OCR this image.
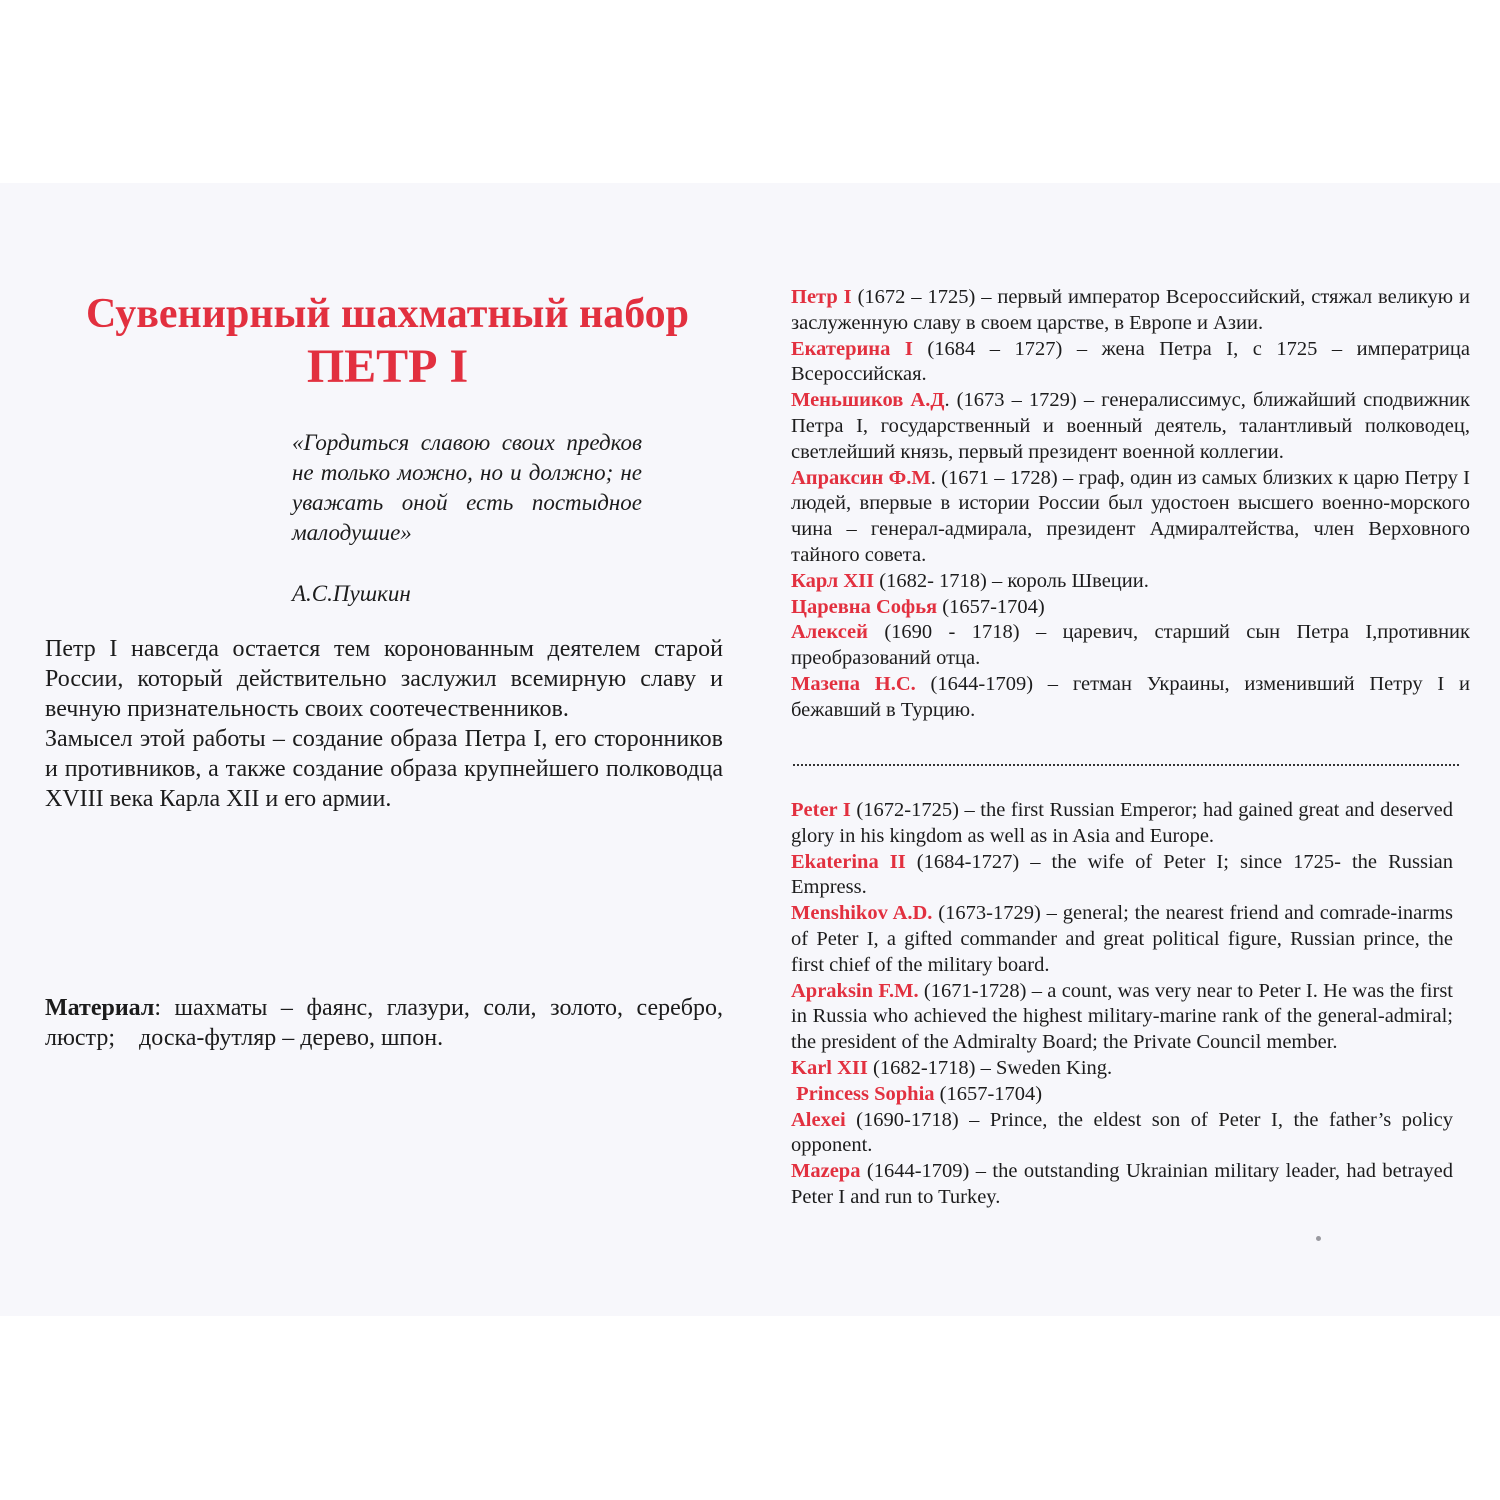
Сувенирный шахматный набор
ПЕТР I
«Гордиться славою своих предков не только можно, но и должно; не уважать оной есть постыдное малодушие»
А.С.Пушкин

Петр I навсегда остается тем коронованным деятелем старой России, который действительно заслужил всемирную славу и вечную признательность своих соотечественников.

Замысел этой работы – создание образа Петра I, его сторонников и противников, а также создание образа крупнейшего полководца XVIII века Карла XII и его армии.

Материал: шахматы – фаянс, глазури, соли, золото, серебро, люстр;    доска-футляр – дерево, шпон.

Петр I (1672 – 1725) – первый император Всероссийский, стяжал великую и заслуженную славу в своем царстве, в Европе и Азии.

Екатерина I (1684 – 1727) – жена Петра I, с 1725 – императрица Всероссийская.

Меньшиков А.Д. (1673 – 1729) – генералиссимус, ближайший сподвижник Петра I, государственный и военный деятель, талантливый полководец, светлейший князь, первый президент военной коллегии.

Апраксин Ф.М. (1671 – 1728) – граф, один из самых близких к царю Петру I людей, впервые в истории России был удостоен высшего военно-морского чина – генерал-адмирала, президент Адмиралтейства, член Верховного тайного совета.

Карл XII (1682- 1718) – король Швеции.

Царевна Софья (1657-1704)

Алексей (1690 - 1718) – царевич, старший сын Петра I,противник преобразований отца.

Мазепа Н.С. (1644-1709) – гетман Украины, изменивший Петру I и бежавший в Турцию.

Peter I (1672-1725) – the first Russian Emperor; had gained great and deserved glory in his kingdom as well as in Asia and Europe.

Ekaterina II (1684-1727) – the wife of Peter I; since 1725- the Russian Empress.

Menshikov A.D. (1673-1729) – general; the nearest friend and comrade-inarms of Peter I, a gifted commander and great political figure, Russian prince, the first chief of the military board.

Apraksin F.M. (1671-1728) – a count, was very near to Peter I. He was the first in Russia who achieved the highest military-marine rank of the general-admiral; the president of the Admiralty Board; the Private Council member.

Karl XII (1682-1718) – Sweden King.

Princess Sophia (1657-1704)

Alexei (1690-1718) – Prince, the eldest son of Peter I, the father’s policy opponent.

Mazepa (1644-1709) – the outstanding Ukrainian military leader, had betrayed Peter I and run to Turkey.
